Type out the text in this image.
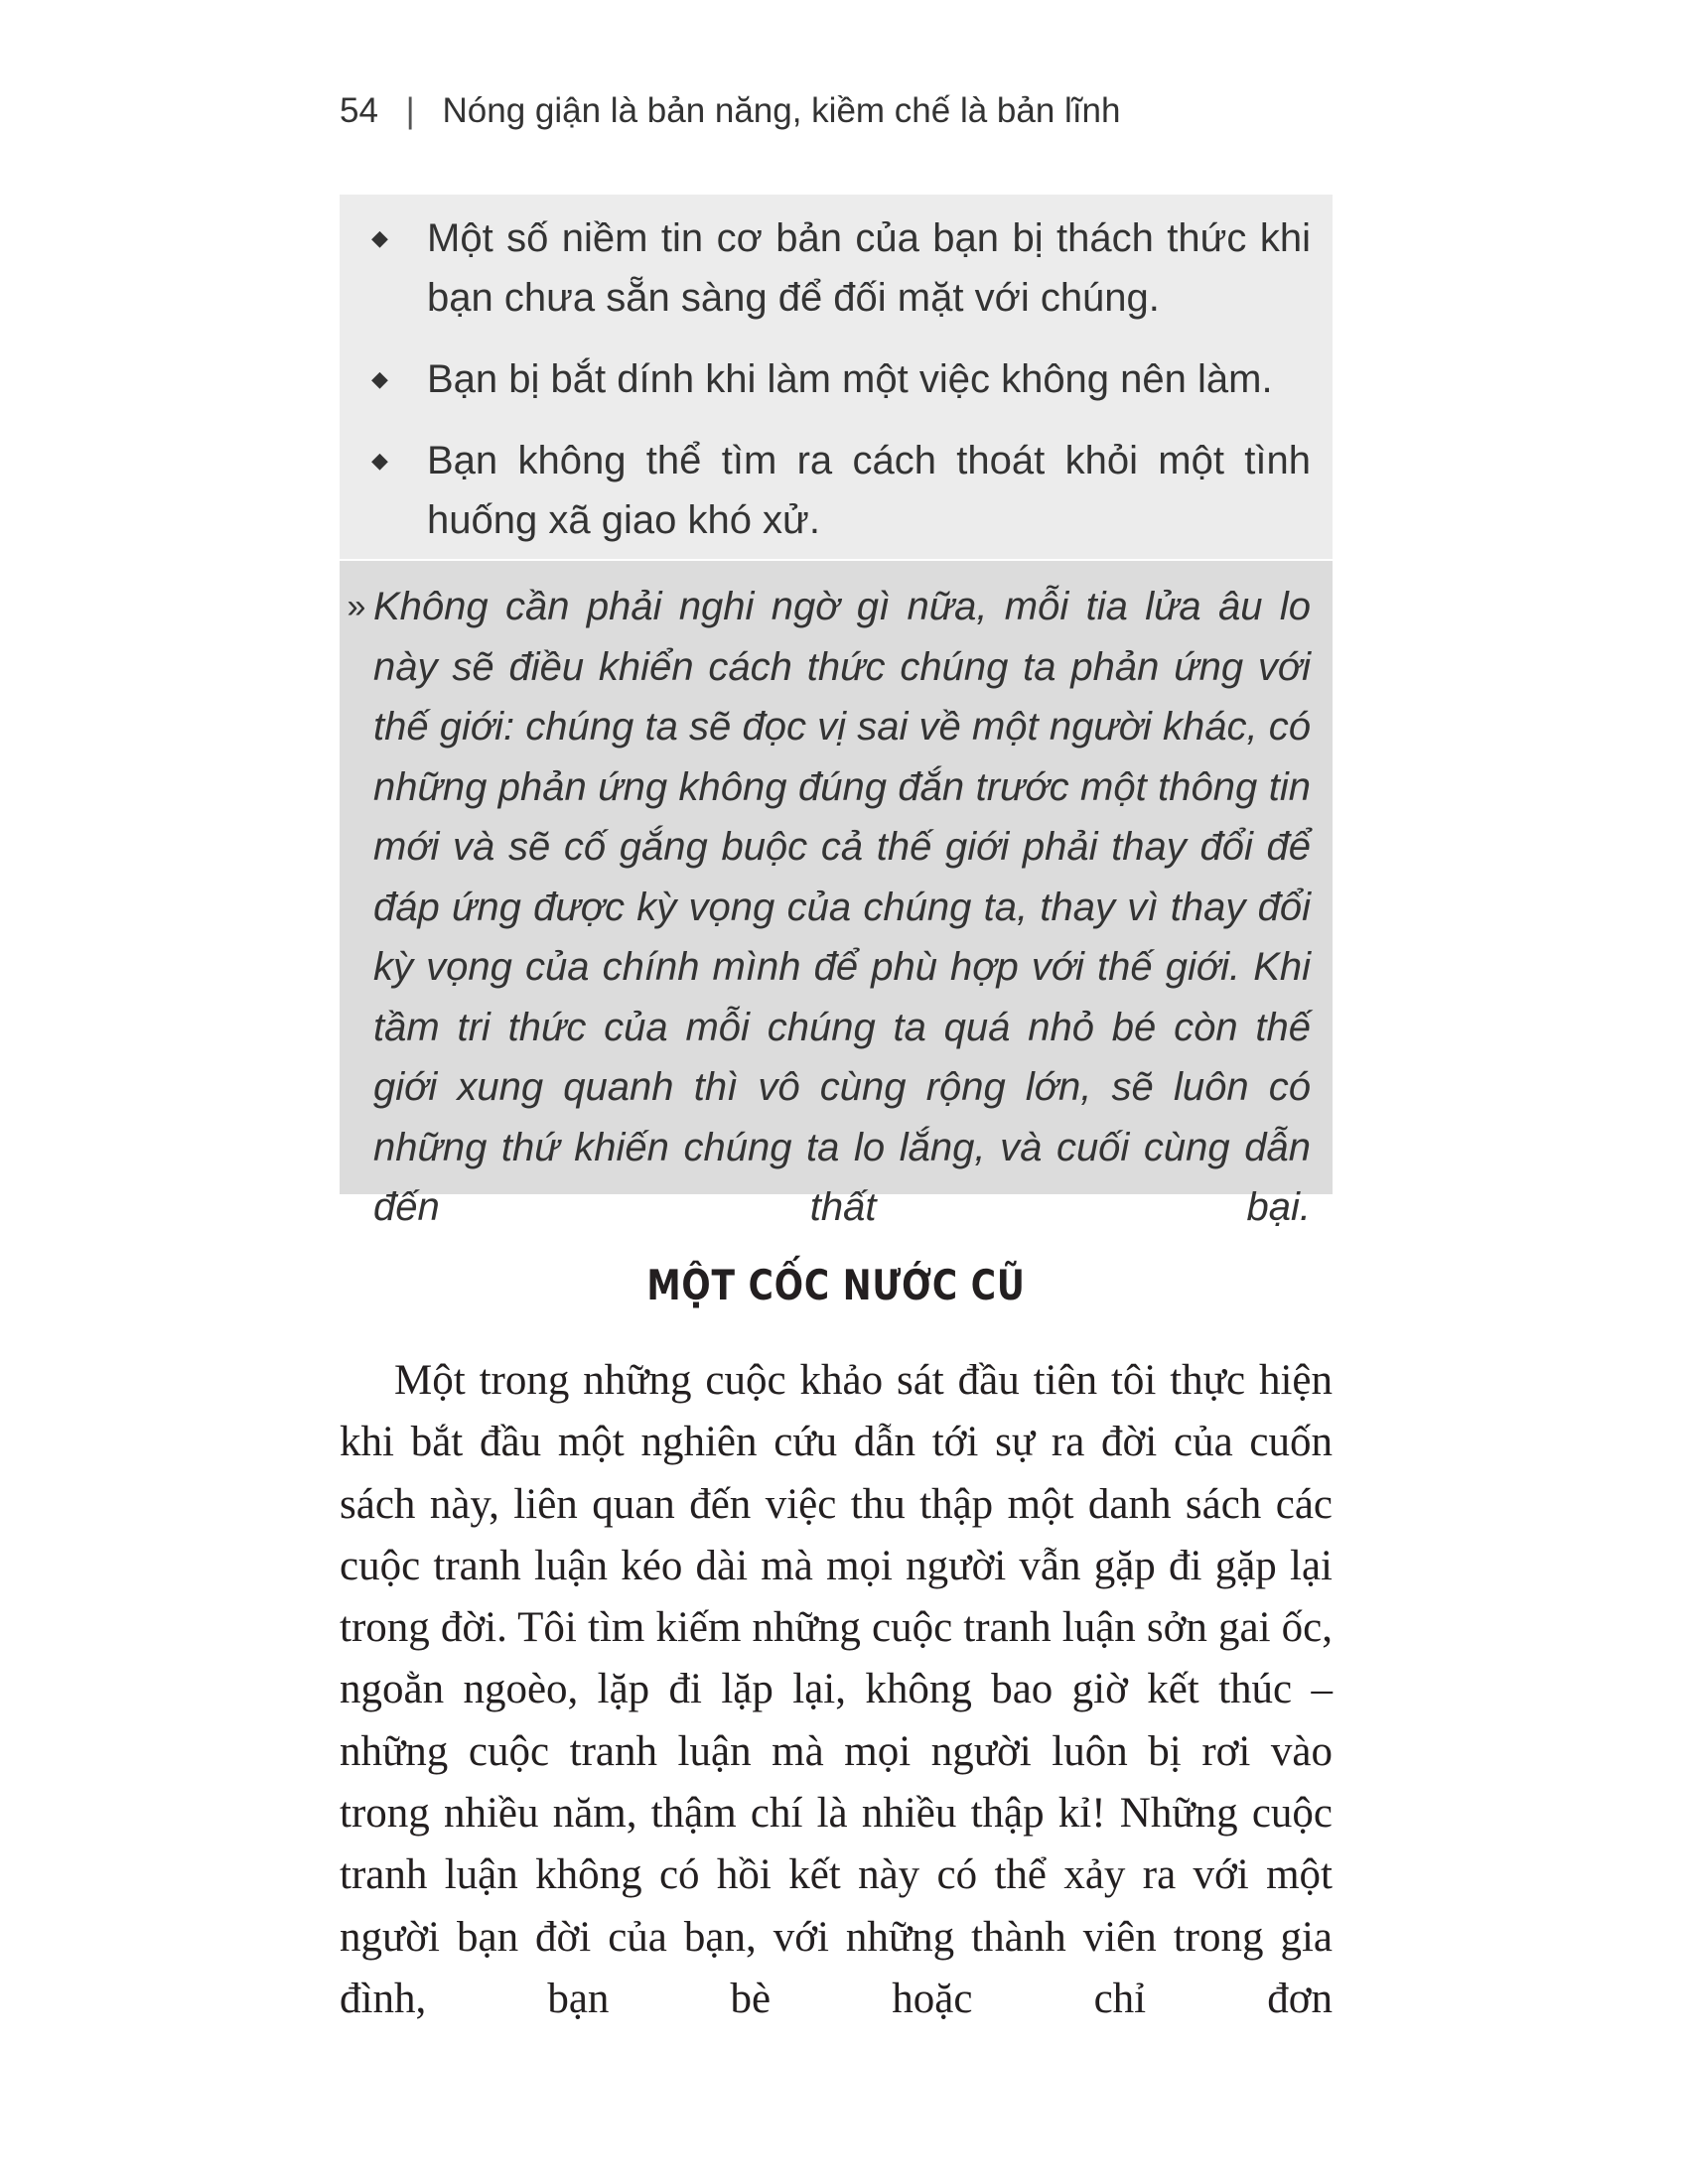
54 | Nóng giận là bản năng, kiềm chế là bản lĩnh
◆ Một số niềm tin cơ bản của bạn bị thách thức khi bạn chưa sẵn sàng để đối mặt với chúng.
◆ Bạn bị bắt dính khi làm một việc không nên làm.
◆ Bạn không thể tìm ra cách thoát khỏi một tình huống xã giao khó xử.
» Không cần phải nghi ngờ gì nữa, mỗi tia lửa âu lo này sẽ điều khiển cách thức chúng ta phản ứng với thế giới: chúng ta sẽ đọc vị sai về một người khác, có những phản ứng không đúng đắn trước một thông tin mới và sẽ cố gắng buộc cả thế giới phải thay đổi để đáp ứng được kỳ vọng của chúng ta, thay vì thay đổi kỳ vọng của chính mình để phù hợp với thế giới. Khi tầm tri thức của mỗi chúng ta quá nhỏ bé còn thế giới xung quanh thì vô cùng rộng lớn, sẽ luôn có những thứ khiến chúng ta lo lắng, và cuối cùng dẫn đến thất bại.
MỘT CỐC NƯỚC CŨ
Một trong những cuộc khảo sát đầu tiên tôi thực hiện khi bắt đầu một nghiên cứu dẫn tới sự ra đời của cuốn sách này, liên quan đến việc thu thập một danh sách các cuộc tranh luận kéo dài mà mọi người vẫn gặp đi gặp lại trong đời. Tôi tìm kiếm những cuộc tranh luận sởn gai ốc, ngoằn ngoèo, lặp đi lặp lại, không bao giờ kết thúc – những cuộc tranh luận mà mọi người luôn bị rơi vào trong nhiều năm, thậm chí là nhiều thập kỉ! Những cuộc tranh luận không có hồi kết này có thể xảy ra với một người bạn đời của bạn, với những thành viên trong gia đình, bạn bè hoặc chỉ đơn
